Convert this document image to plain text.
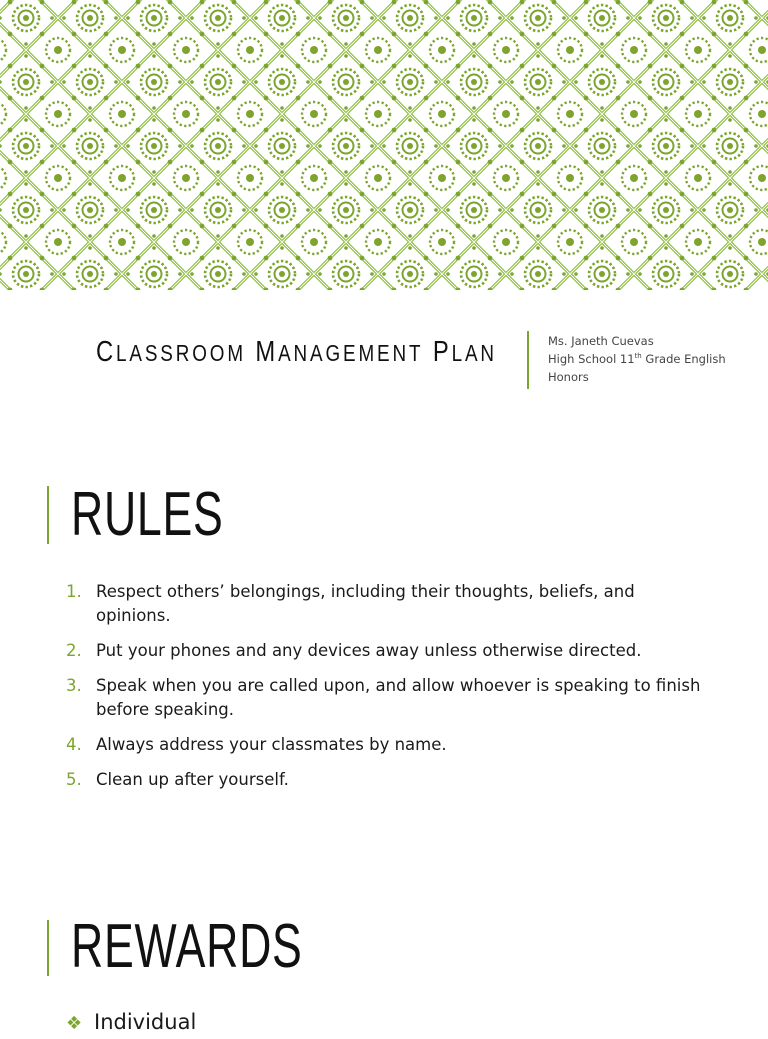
CLASSROOM MANAGEMENT PLAN	Ms. Janeth Cuevas
High School 11th Grade English
Honors
RULES
1. Respect others’ belongings, including their thoughts, beliefs, and opinions.
2. Put your phones and any devices away unless otherwise directed.
3. Speak when you are called upon, and allow whoever is speaking to finish before speaking.
4. Always address your classmates by name.
5. Clean up after yourself.
REWARDS
❖ Individual
